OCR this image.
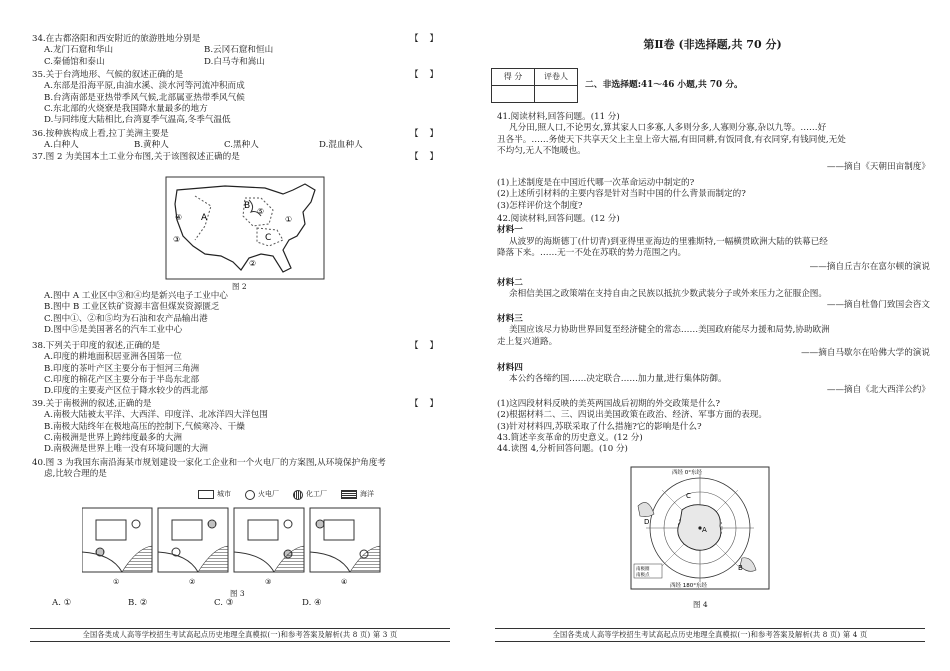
34.在古都洛阳和西安附近的旅游胜地分别是
A.龙门石窟和华山	B.云冈石窟和恒山
C.秦俑馆和泰山	D.白马寺和嵩山
【    】
35.关于台湾地形、气候的叙述正确的是
A.东部是沿海平原,由油水溪、淡水河等河流冲积而成
B.台湾南部是亚热带季风气候,北部属亚热带季风气候
C.东北部的火烧寮是我国降水量最多的地方
D.与同纬度大陆相比,台湾夏季气温高,冬季气温低
【    】
36.按种族构成上看,拉丁美洲主要是
A.白种人	B.黄种人	C.黑种人	D.混血种人
【    】
37.图 2 为美国本土工业分布图,关于该图叙述正确的是	【    】
A
B
C
①
②
③
④
⑤
图 2
A.图中 A 工业区中③和④均是新兴电子工业中心
B.图中 B 工业区铁矿资源丰富但煤炭资源匮乏
C.图中①、②和⑤均为石油和农产品输出港
D.图中⑤是美国著名的汽车工业中心
38.下列关于印度的叙述,正确的是
A.印度的耕地面积居亚洲各国第一位
B.印度的茶叶产区主要分布于恒河三角洲
C.印度的棉花产区主要分布于半岛东北部
D.印度的主要麦产区位于降水较少的西北部
【    】
39.关于南极洲的叙述,正确的是
A.南极大陆被太平洋、大西洋、印度洋、北冰洋四大洋包围
B.南极大陆终年在极地高压的控制下,气候寒冷、干燥
C.南极洲是世界上跨纬度最多的大洲
D.南极洲是世界上唯一没有环境问题的大洲
【    】
40.图 3 为我国东南沿海某市规划建设一家化工企业和一个火电厂的方案图,从环境保护角度考
虑,比较合理的是
城市	火电厂	化工厂	海洋
①	②	③	④
图 3
A. ①	B. ②	C. ③	D. ④
全国各类成人高等学校招生考试高起点历史地理全真模拟(一)和参考答案及解析(共 8 页) 第 3 页
第Ⅱ卷 (非选择题,共 70 分)
得 分	评卷人

二、非选择题:41～46 小题,共 70 分。
41.阅读材料,回答问题。(11 分)
凡分田,照人口,不论男女,算其家人口多寡,人多则分多,人寡则分寡,杂以九等。……好
丑各半。……务使天下共享天父上主皇上帝大福,有田同耕,有饭同食,有衣同穿,有钱同使,无处
不均匀,无人不饱暖也。
——摘自《天朝田亩制度》
(1)上述制度是在中国近代哪一次革命运动中制定的?
(2)上述所引材料的主要内容是针对当时中国的什么背景而制定的?
(3)怎样评价这个制度?
42.阅读材料,回答问题。(12 分)
材料一
从波罗的海斯德丁(什切青)到亚得里亚海边的里雅斯特,一幅横贯欧洲大陆的铁幕已经
降落下来。……无一不处在苏联的势力范围之内。
——摘自丘吉尔在富尔顿的演说
材料二
余相信美国之政策端在支持自由之民族以抵抗少数武装分子或外来压力之征服企图。
——摘自杜鲁门致国会咨文
材料三
美国应该尽力协助世界回复至经济健全的常态……美国政府能尽力援和局势,协助欧洲
走上复兴道路。
——摘自马歇尔在哈佛大学的演说
材料四
本公约各缔约国……决定联合……加力量,进行集体防御。
——摘自《北大西洋公约》
(1)这四段材料反映的美英两国战后初期的外交政策是什么?
(2)根据材料二、三、四说出美国政策在政治、经济、军事方面的表现。
(3)针对材料四,苏联采取了什么措施?它的影响是什么?
43.简述辛亥革命的历史意义。(12 分)
44.读图 4,分析回答问题。(10 分)
西经 0°东经
C
A
B
D
西经 180°东经
南极圈
南极点
图 4
全国各类成人高等学校招生考试高起点历史地理全真模拟(一)和参考答案及解析(共 8 页) 第 4 页
